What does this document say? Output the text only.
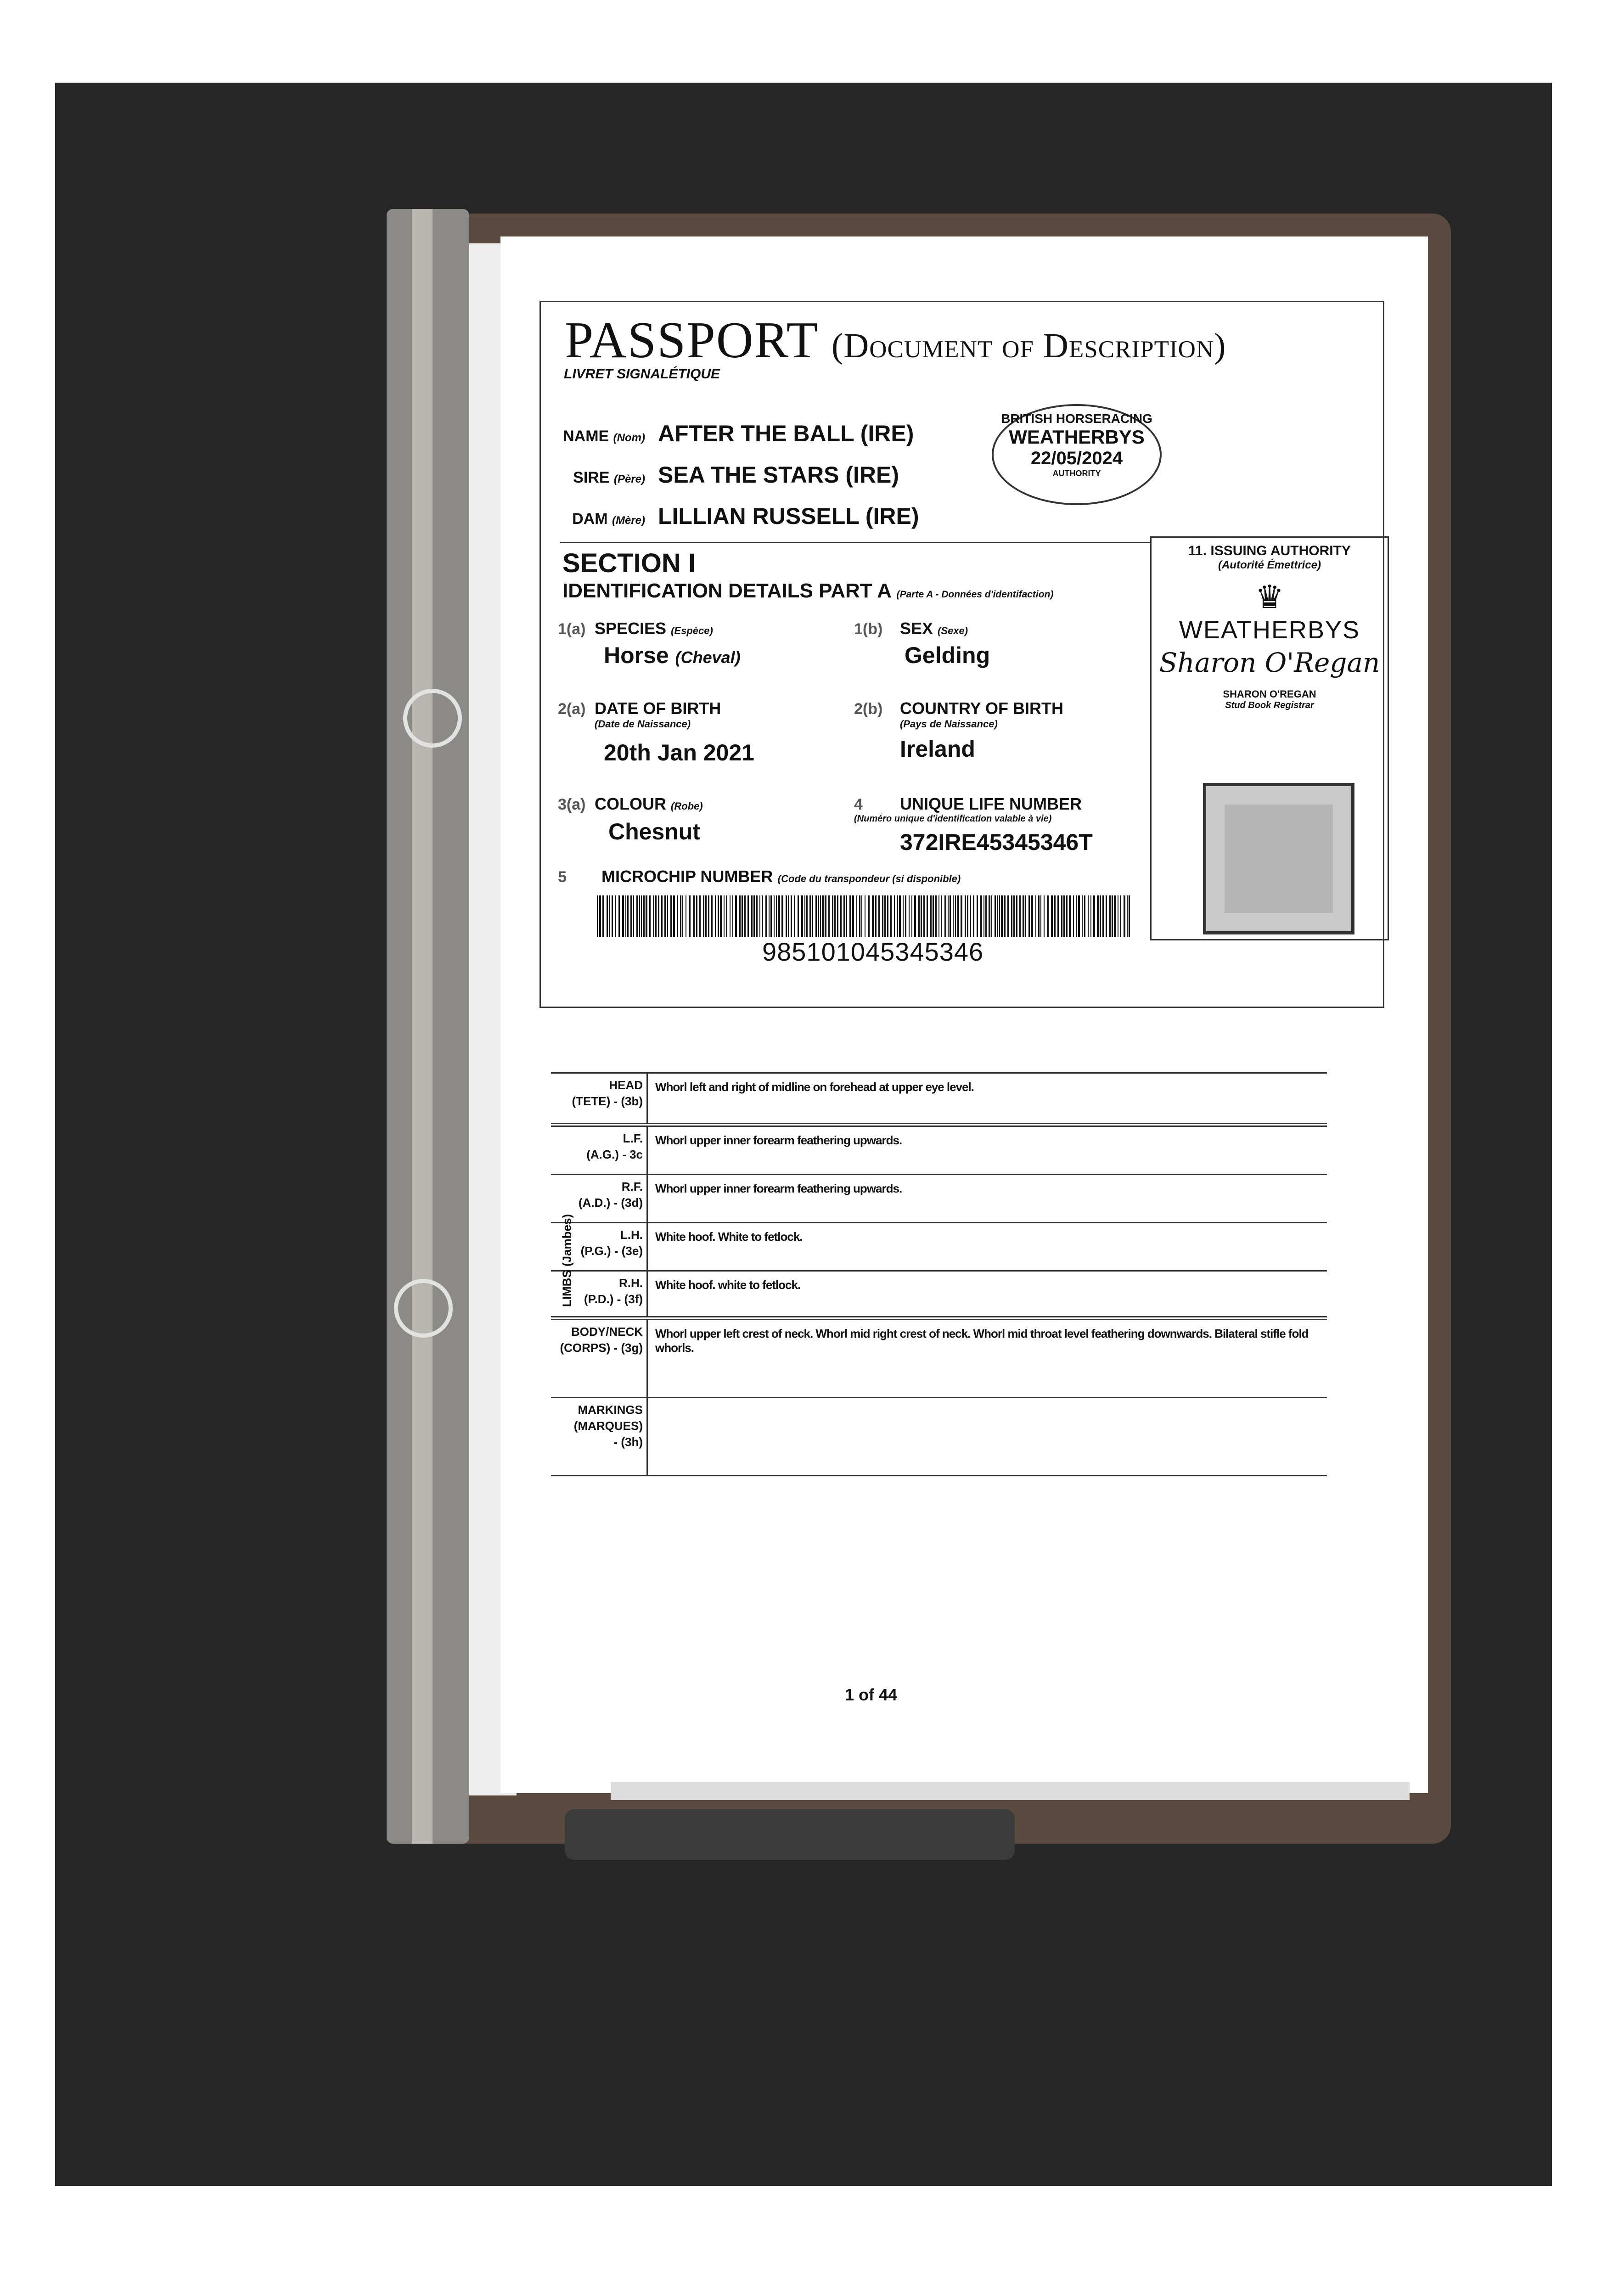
PASSPORT (Document of Description)
LIVRET SIGNALÉTIQUE
NAME (Nom) AFTER THE BALL (IRE)
SIRE (Père) SEA THE STARS (IRE)
DAM (Mère) LILLIAN RUSSELL (IRE)
BRITISH HORSERACING
WEATHERBYS
22/05/2024
AUTHORITY
SECTION I
IDENTIFICATION DETAILS PART A (Parte A - Données d'identifaction)
1(a) SPECIES (Espèce)
Horse (Cheval)
1(b) SEX (Sexe)
Gelding
2(a) DATE OF BIRTH
(Date de Naissance)
20th Jan 2021
2(b) COUNTRY OF BIRTH
(Pays de Naissance)
Ireland
3(a) COLOUR (Robe)
Chesnut
4 UNIQUE LIFE NUMBER
(Numéro unique d'identification valable à vie)
372IRE45345346T
5 MICROCHIP NUMBER (Code du transpondeur (si disponible)
985101045345346
11. ISSUING AUTHORITY
(Autorité Émettrice)
♛
WEATHERBYS
Sharon O'Regan
SHARON O'REGAN
Stud Book Registrar
HEAD
(TETE) - (3b)	Whorl left and right of midline on forehead at upper eye level.

L.F.
(A.G.) - 3c	Whorl upper inner forearm feathering upwards.
R.F.
(A.D.) - (3d)	Whorl upper inner forearm feathering upwards.
L.H.
(P.G.) - (3e)	White hoof. White to fetlock.
R.H.
(P.D.) - (3f)	White hoof. white to fetlock.

BODY/NECK
(CORPS) - (3g)	Whorl upper left crest of neck. Whorl mid right crest of neck. Whorl mid throat level feathering downwards. Bilateral stifle fold whorls.
MARKINGS
(MARQUES)
- (3h)	
LIMBS (Jambes)
1 of 44
